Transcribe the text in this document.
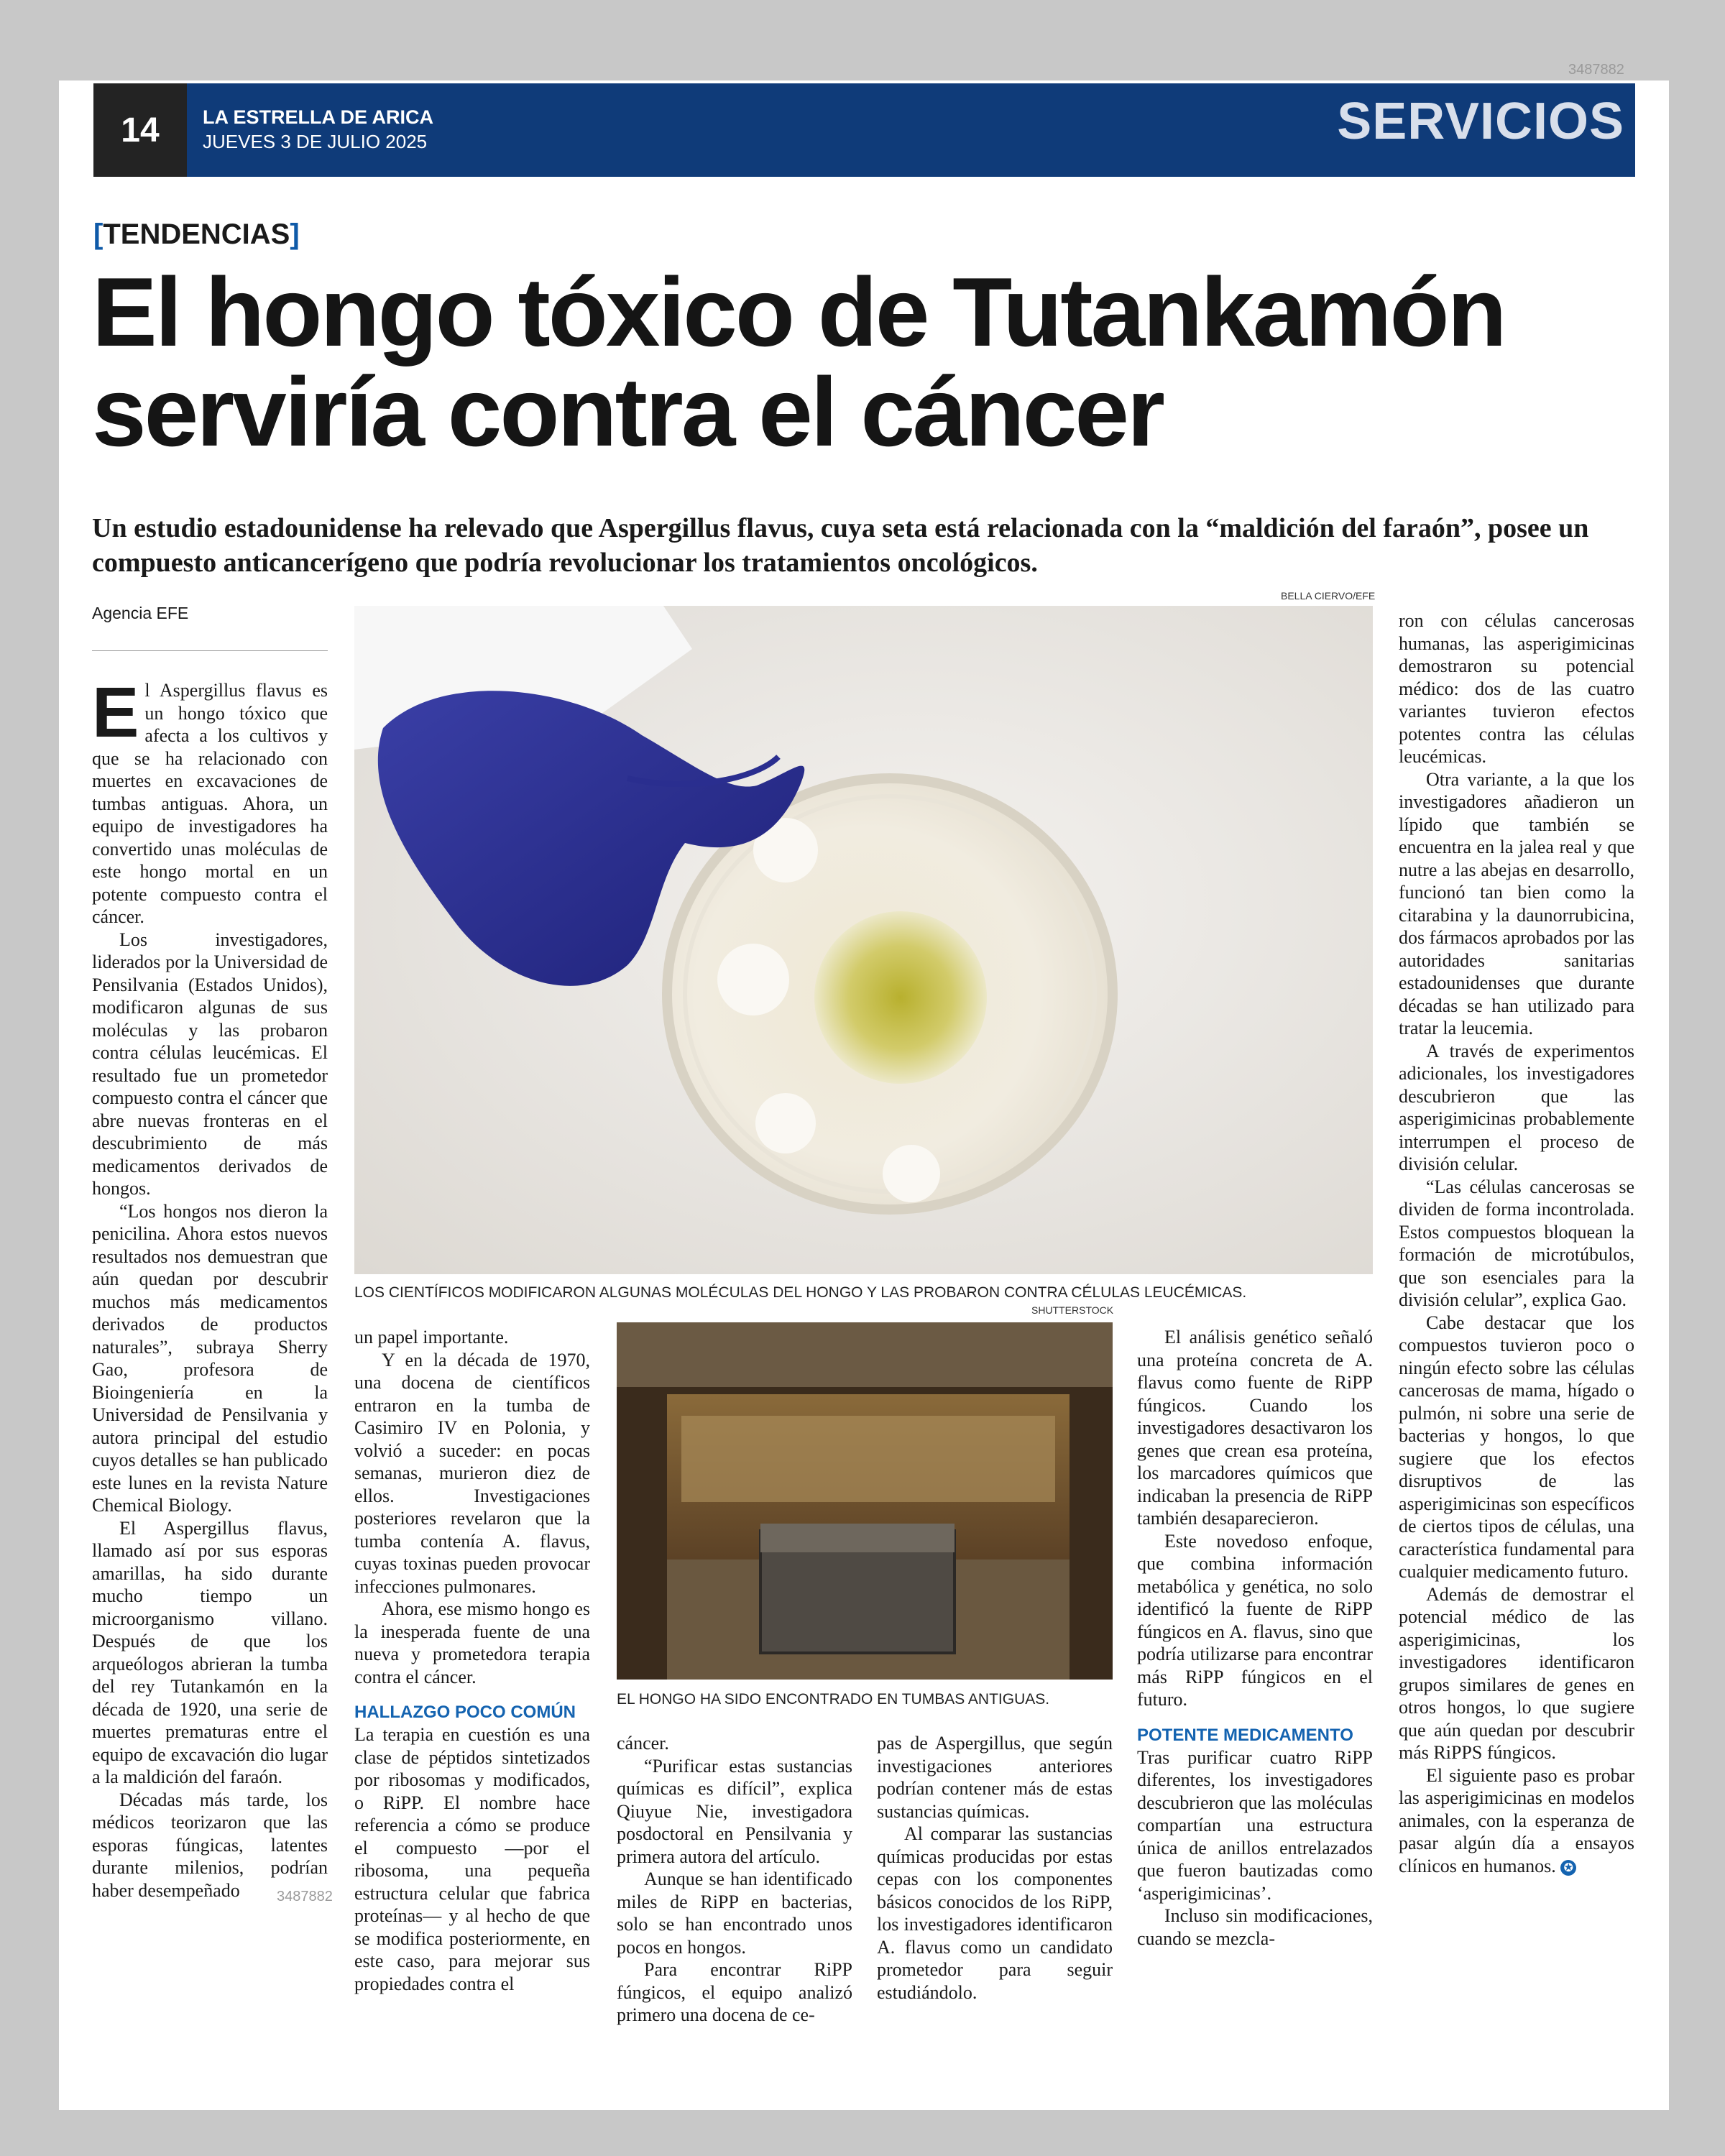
3487882
14	LA ESTRELLA DE ARICA
JUEVES 3 DE JULIO 2025	SERVICIOS
[TENDENCIAS]
El hongo tóxico de Tutankamón
serviría contra el cáncer

Un estudio estadounidense ha relevado que Aspergillus flavus, cuya seta está relacionada con la “maldición del faraón”, posee un compuesto anticancerígeno que podría revolucionar los tratamientos oncológicos.

Agencia EFE
BELLA CIERVO/EFE
LOS CIENTÍFICOS MODIFICARON ALGUNAS MOLÉCULAS DEL HONGO Y LAS PROBARON CONTRA CÉLULAS LEUCÉMICAS.
SHUTTERSTOCK
EL HONGO HA SIDO ENCONTRADO EN TUMBAS ANTIGUAS.

El Aspergillus flavus es un hongo tóxico que afecta a los cultivos y que se ha relacionado con muertes en excavaciones de tumbas antiguas. Ahora, un equipo de investigadores ha convertido unas moléculas de este hongo mortal en un potente compuesto contra el cáncer.

Los investigadores, liderados por la Universidad de Pensilvania (Estados Unidos), modificaron algunas de sus moléculas y las probaron contra células leucémicas. El resultado fue un prometedor compuesto contra el cáncer que abre nuevas fronteras en el descubrimiento de más medicamentos derivados de hongos.

“Los hongos nos dieron la penicilina. Ahora estos nuevos resultados nos demuestran que aún quedan por descubrir muchos más medicamentos derivados de productos naturales”, subraya Sherry Gao, profesora de Bioingeniería en la Universidad de Pensilvania y autora principal del estudio cuyos detalles se han publicado este lunes en la revista Nature Chemical Biology.

El Aspergillus flavus, llamado así por sus esporas amarillas, ha sido durante mucho tiempo un microorganismo villano. Después de que los arqueólogos abrieran la tumba del rey Tutankamón en la década de 1920, una serie de muertes prematuras entre el equipo de excavación dio lugar a la maldición del faraón.

Décadas más tarde, los médicos teorizaron que las esporas fúngicas, latentes durante milenios, podrían haber desempeñado

un papel importante.

Y en la década de 1970, una docena de científicos entraron en la tumba de Casimiro IV en Polonia, y volvió a suceder: en pocas semanas, murieron diez de ellos. Investigaciones posteriores revelaron que la tumba contenía A. flavus, cuyas toxinas pueden provocar infecciones pulmonares.

Ahora, ese mismo hongo es la inesperada fuente de una nueva y prometedora terapia contra el cáncer.

HALLAZGO POCO COMÚN

La terapia en cuestión es una clase de péptidos sintetizados por ribosomas y modificados, o RiPP. El nombre hace referencia a cómo se produce el compuesto —por el ribosoma, una pequeña estructura celular que fabrica proteínas— y al hecho de que se modifica posteriormente, en este caso, para mejorar sus propiedades contra el

cáncer.

“Purificar estas sustancias químicas es difícil”, explica Qiuyue Nie, investigadora posdoctoral en Pensilvania y primera autora del artículo.

Aunque se han identificado miles de RiPP en bacterias, solo se han encontrado unos pocos en hongos.

Para encontrar RiPP fúngicos, el equipo analizó primero una docena de ce-

pas de Aspergillus, que según investigaciones anteriores podrían contener más de estas sustancias químicas.

Al comparar las sustancias químicas producidas por estas cepas con los componentes básicos conocidos de los RiPP, los investigadores identificaron A. flavus como un candidato prometedor para seguir estudiándolo.

El análisis genético señaló una proteína concreta de A. flavus como fuente de RiPP fúngicos. Cuando los investigadores desactivaron los genes que crean esa proteína, los marcadores químicos que indicaban la presencia de RiPP también desaparecieron.

Este novedoso enfoque, que combina información metabólica y genética, no solo identificó la fuente de RiPP fúngicos en A. flavus, sino que podría utilizarse para encontrar más RiPP fúngicos en el futuro.

POTENTE MEDICAMENTO

Tras purificar cuatro RiPP diferentes, los investigadores descubrieron que las moléculas compartían una estructura única de anillos entrelazados que fueron bautizadas como ‘asperigimicinas’.

Incluso sin modificaciones, cuando se mezcla-

ron con células cancerosas humanas, las asperigimicinas demostraron su potencial médico: dos de las cuatro variantes tuvieron efectos potentes contra las células leucémicas.

Otra variante, a la que los investigadores añadieron un lípido que también se encuentra en la jalea real y que nutre a las abejas en desarrollo, funcionó tan bien como la citarabina y la daunorrubicina, dos fármacos aprobados por las autoridades sanitarias estadounidenses que durante décadas se han utilizado para tratar la leucemia.

A través de experimentos adicionales, los investigadores descubrieron que las asperigimicinas probablemente interrumpen el proceso de división celular.

“Las células cancerosas se dividen de forma incontrolada. Estos compuestos bloquean la formación de microtúbulos, que son esenciales para la división celular”, explica Gao.

Cabe destacar que los compuestos tuvieron poco o ningún efecto sobre las células cancerosas de mama, hígado o pulmón, ni sobre una serie de bacterias y hongos, lo que sugiere que los efectos disruptivos de las asperigimicinas son específicos de ciertos tipos de células, una característica fundamental para cualquier medicamento futuro.

Además de demostrar el potencial médico de las asperigimicinas, los investigadores identificaron grupos similares de genes en otros hongos, lo que sugiere que aún quedan por descubrir más RiPPS fúngicos.

El siguiente paso es probar las asperigimicinas en modelos animales, con la esperanza de pasar algún día a ensayos clínicos en humanos. ✪

3487882
